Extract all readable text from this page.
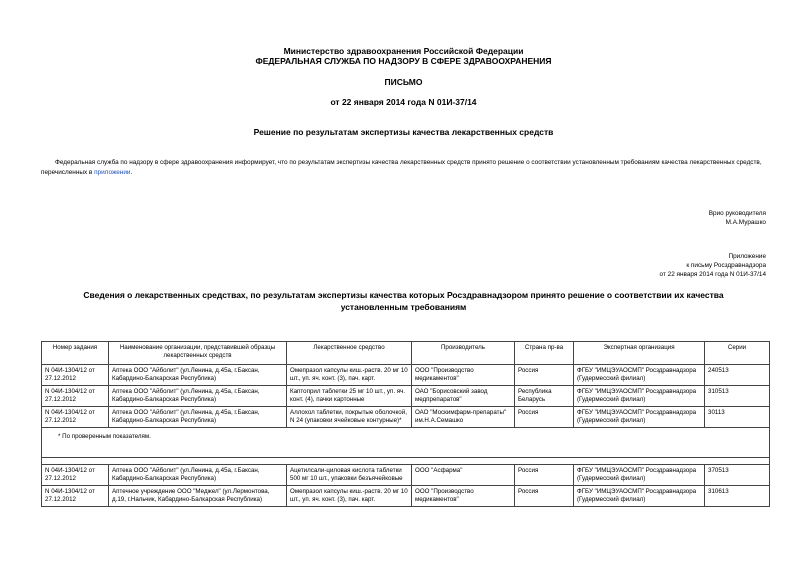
Министерство здравоохранения Российской Федерации
ФЕДЕРАЛЬНАЯ СЛУЖБА ПО НАДЗОРУ В СФЕРЕ ЗДРАВООХРАНЕНИЯ
ПИСЬМО
от 22 января 2014 года N 01И-37/14
Решение по результатам экспертизы качества лекарственных средств
Федеральная служба по надзору в сфере здравоохранения информирует, что по результатам экспертизы качества лекарственных средств принято решение о соответствии установленным требованиям качества лекарственных средств, перечисленных в приложении.
Врио руководителя
М.А.Мурашко
Приложение
к письму Росздравнадзора
от 22 января 2014 года N 01И-37/14
Сведения о лекарственных средствах, по результатам экспертизы качества которых Росздравнадзором принято решение о соответствии их качества установленным требованиям
Номер задания	Наименование организации, представившей образцы лекарственных средств	Лекарственное средство	Производитель	Страна пр-ва	Экспертная организация	Серии
N 04И-1304/12 от 27.12.2012	Аптека ООО "Айболит" (ул.Ленина, д.45а, г.Баксан, Кабардино-Балкарская Республика)	Омепразол капсулы киш.-раств. 20 мг 10 шт., уп. яч. конт. (3), пач. карт.	ООО "Производство медикаментов"	Россия	ФГБУ "ИМЦЭУАОСМП" Росздравнадзора (Гудермесский филиал)	240513
N 04И-1304/12 от 27.12.2012	Аптека ООО "Айболит" (ул.Ленина, д.45а, г.Баксан, Кабардино-Балкарская Республика)	Каптоприл таблетки 25 мг 10 шт., уп. яч. конт. (4), пачки картонные	ОАО "Борисовский завод медпрепаратов"	Республика Беларусь	ФГБУ "ИМЦЭУАОСМП" Росздравнадзора (Гудермесский филиал)	310513
N 04И-1304/12 от 27.12.2012	Аптека ООО "Айболит" (ул.Ленина, д.45а, г.Баксан, Кабардино-Балкарская Республика)	Аллохол таблетки, покрытые оболочкой, N 24 (упаковки ячейковые контурные)*	ОАО "Москимфарм-препараты" им.Н.А.Семашко	Россия	ФГБУ "ИМЦЭУАОСМП" Росздравнадзора (Гудермесский филиал)	30113
* По проверенным показателям.						

N 04И-1304/12 от 27.12.2012	Аптека ООО "Айболит" (ул.Ленина, д.45а, г.Баксан, Кабардино-Балкарская Республика)	Ацетилсали-циловая кислота таблетки 500 мг 10 шт., упаковки безъячейковые	ООО "Асфарма"	Россия	ФГБУ "ИМЦЭУАОСМП" Росздравнадзора (Гудермесский филиал)	370513
N 04И-1304/12 от 27.12.2012	Аптечное учреждение ООО "Меджел" (ул.Лермонтова, д.19, г.Нальчик, Кабардино-Балкарская Республика)	Омепразол капсулы киш.-раств. 20 мг 10 шт., уп. яч. конт. (3), пач. карт.	ООО "Производство медикаментов"	Россия	ФГБУ "ИМЦЭУАОСМП" Росздравнадзора (Гудермесский филиал)	310613
